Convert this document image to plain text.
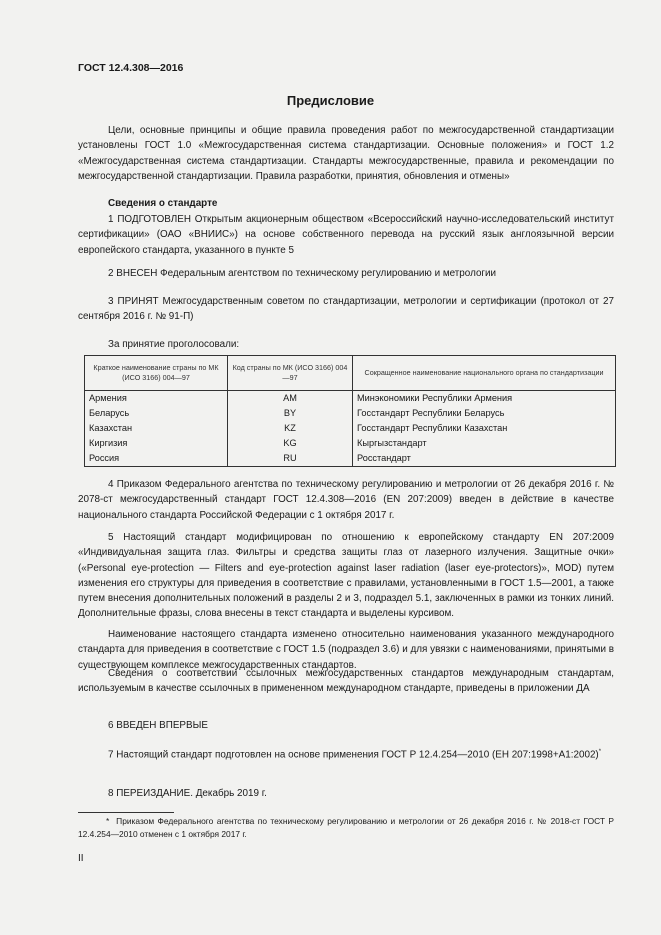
ГОСТ 12.4.308—2016
Предисловие
Цели, основные принципы и общие правила проведения работ по межгосударственной стандартизации установлены ГОСТ 1.0 «Межгосударственная система стандартизации. Основные положения» и ГОСТ 1.2 «Межгосударственная система стандартизации. Стандарты межгосударственные, правила и рекомендации по межгосударственной стандартизации. Правила разработки, принятия, обновления и отмены»
Сведения о стандарте
1 ПОДГОТОВЛЕН Открытым акционерным обществом «Всероссийский научно-исследовательский институт сертификации» (ОАО «ВНИИС») на основе собственного перевода на русский язык англоязычной версии европейского стандарта, указанного в пункте 5
2 ВНЕСЕН Федеральным агентством по техническому регулированию и метрологии
3 ПРИНЯТ Межгосударственным советом по стандартизации, метрологии и сертификации (протокол от 27 сентября 2016 г. № 91-П)
За принятие проголосовали:
Краткое наименование страны по МК (ИСО 3166) 004—97	Код страны по МК (ИСО 3166) 004—97	Сокращенное наименование национального органа по стандартизации
Армения	AM	Минэкономики Республики Армения
Беларусь	BY	Госстандарт Республики Беларусь
Казахстан	KZ	Госстандарт Республики Казахстан
Киргизия	KG	Кыргызстандарт
Россия	RU	Росстандарт
4 Приказом Федерального агентства по техническому регулированию и метрологии от 26 декабря 2016 г. № 2078-ст межгосударственный стандарт ГОСТ 12.4.308—2016 (EN 207:2009) введен в действие в качестве национального стандарта Российской Федерации с 1 октября 2017 г.
5 Настоящий стандарт модифицирован по отношению к европейскому стандарту EN 207:2009 «Индивидуальная защита глаз. Фильтры и средства защиты глаз от лазерного излучения. Защитные очки» («Personal eye-protection — Filters and eye-protection against laser radiation (laser eye-protectors)», MOD) путем изменения его структуры для приведения в соответствие с правилами, установленными в ГОСТ 1.5—2001, а также путем внесения дополнительных положений в разделы 2 и 3, подраздел 5.1, заключенных в рамки из тонких линий. Дополнительные фразы, слова внесены в текст стандарта и выделены курсивом.
Наименование настоящего стандарта изменено относительно наименования указанного международного стандарта для приведения в соответствие с ГОСТ 1.5 (подраздел 3.6) и для увязки с наименованиями, принятыми в существующем комплексе межгосударственных стандартов.
Сведения о соответствии ссылочных межгосударственных стандартов международным стандартам, используемым в качестве ссылочных в примененном международном стандарте, приведены в приложении ДА
6 ВВЕДЕН ВПЕРВЫЕ
7 Настоящий стандарт подготовлен на основе применения ГОСТ Р 12.4.254—2010 (ЕН 207:1998+А1:2002)*
8 ПЕРЕИЗДАНИЕ. Декабрь 2019 г.
* Приказом Федерального агентства по техническому регулированию и метрологии от 26 декабря 2016 г. № 2018-ст ГОСТ Р 12.4.254—2010 отменен с 1 октября 2017 г.
II
